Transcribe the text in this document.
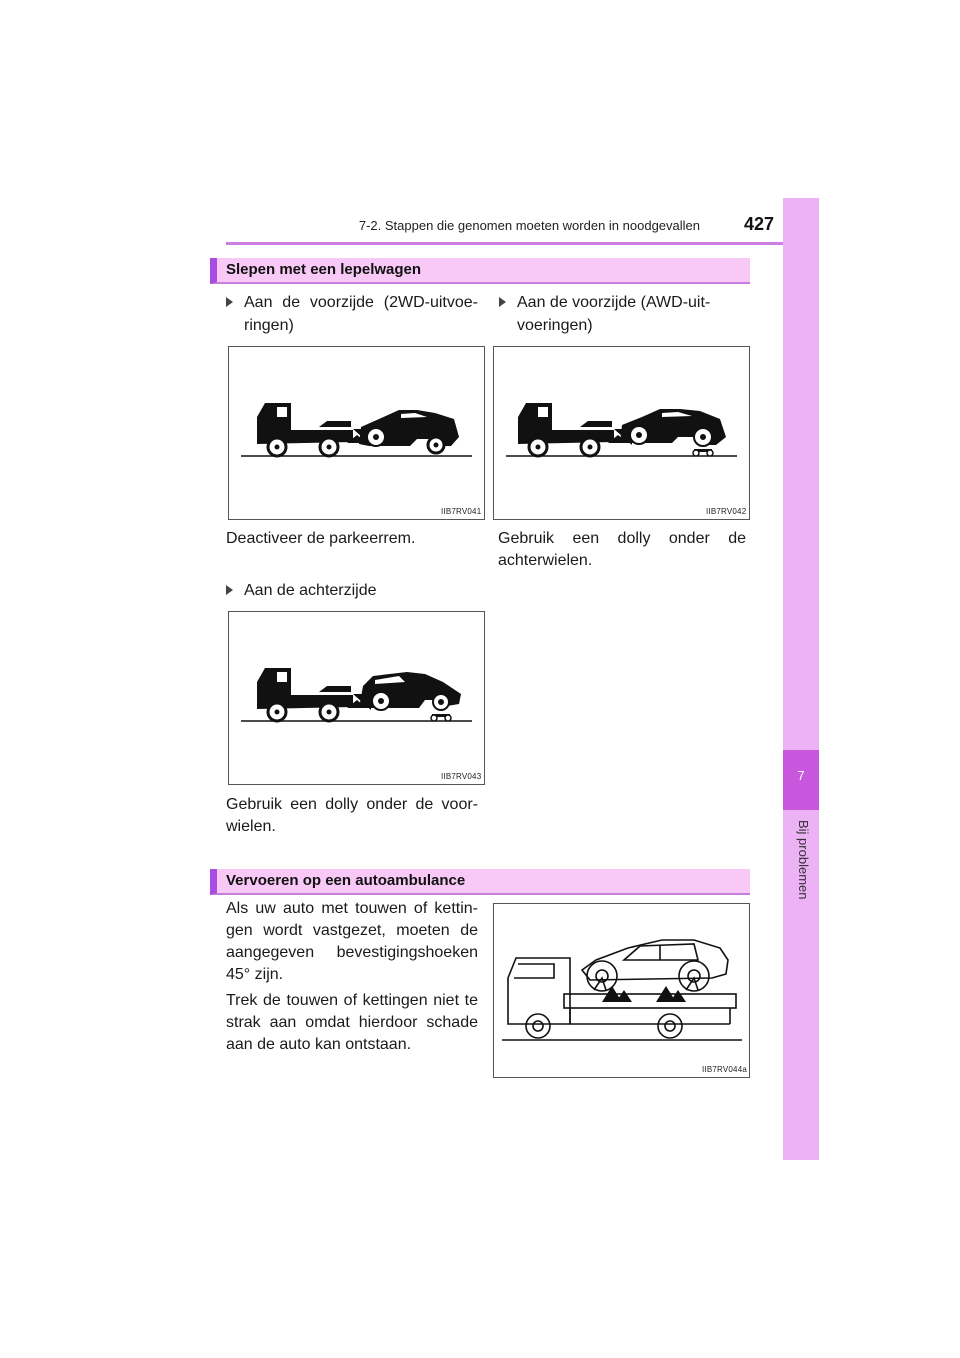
7-2. Stappen die genomen moeten worden in noodgevallen	427
7
Bij problemen
Slepen met een lepelwagen
Aan de voorzijde (2WD-uitvoe-ringen)
Aan de voorzijde (AWD-uit-voeringen)
IIB7RV041	IIB7RV042
Deactiveer de parkeerrem.	Gebruik een dolly onder de achterwielen.
Aan de achterzijde
IIB7RV043
Gebruik een dolly onder de voor-wielen.
Vervoeren op een autoambulance
Als uw auto met touwen of kettin-gen wordt vastgezet, moeten de aangegeven bevestigingshoeken 45° zijn.
Trek de touwen of kettingen niet te strak aan omdat hierdoor schade aan de auto kan ontstaan.
IIB7RV044a
